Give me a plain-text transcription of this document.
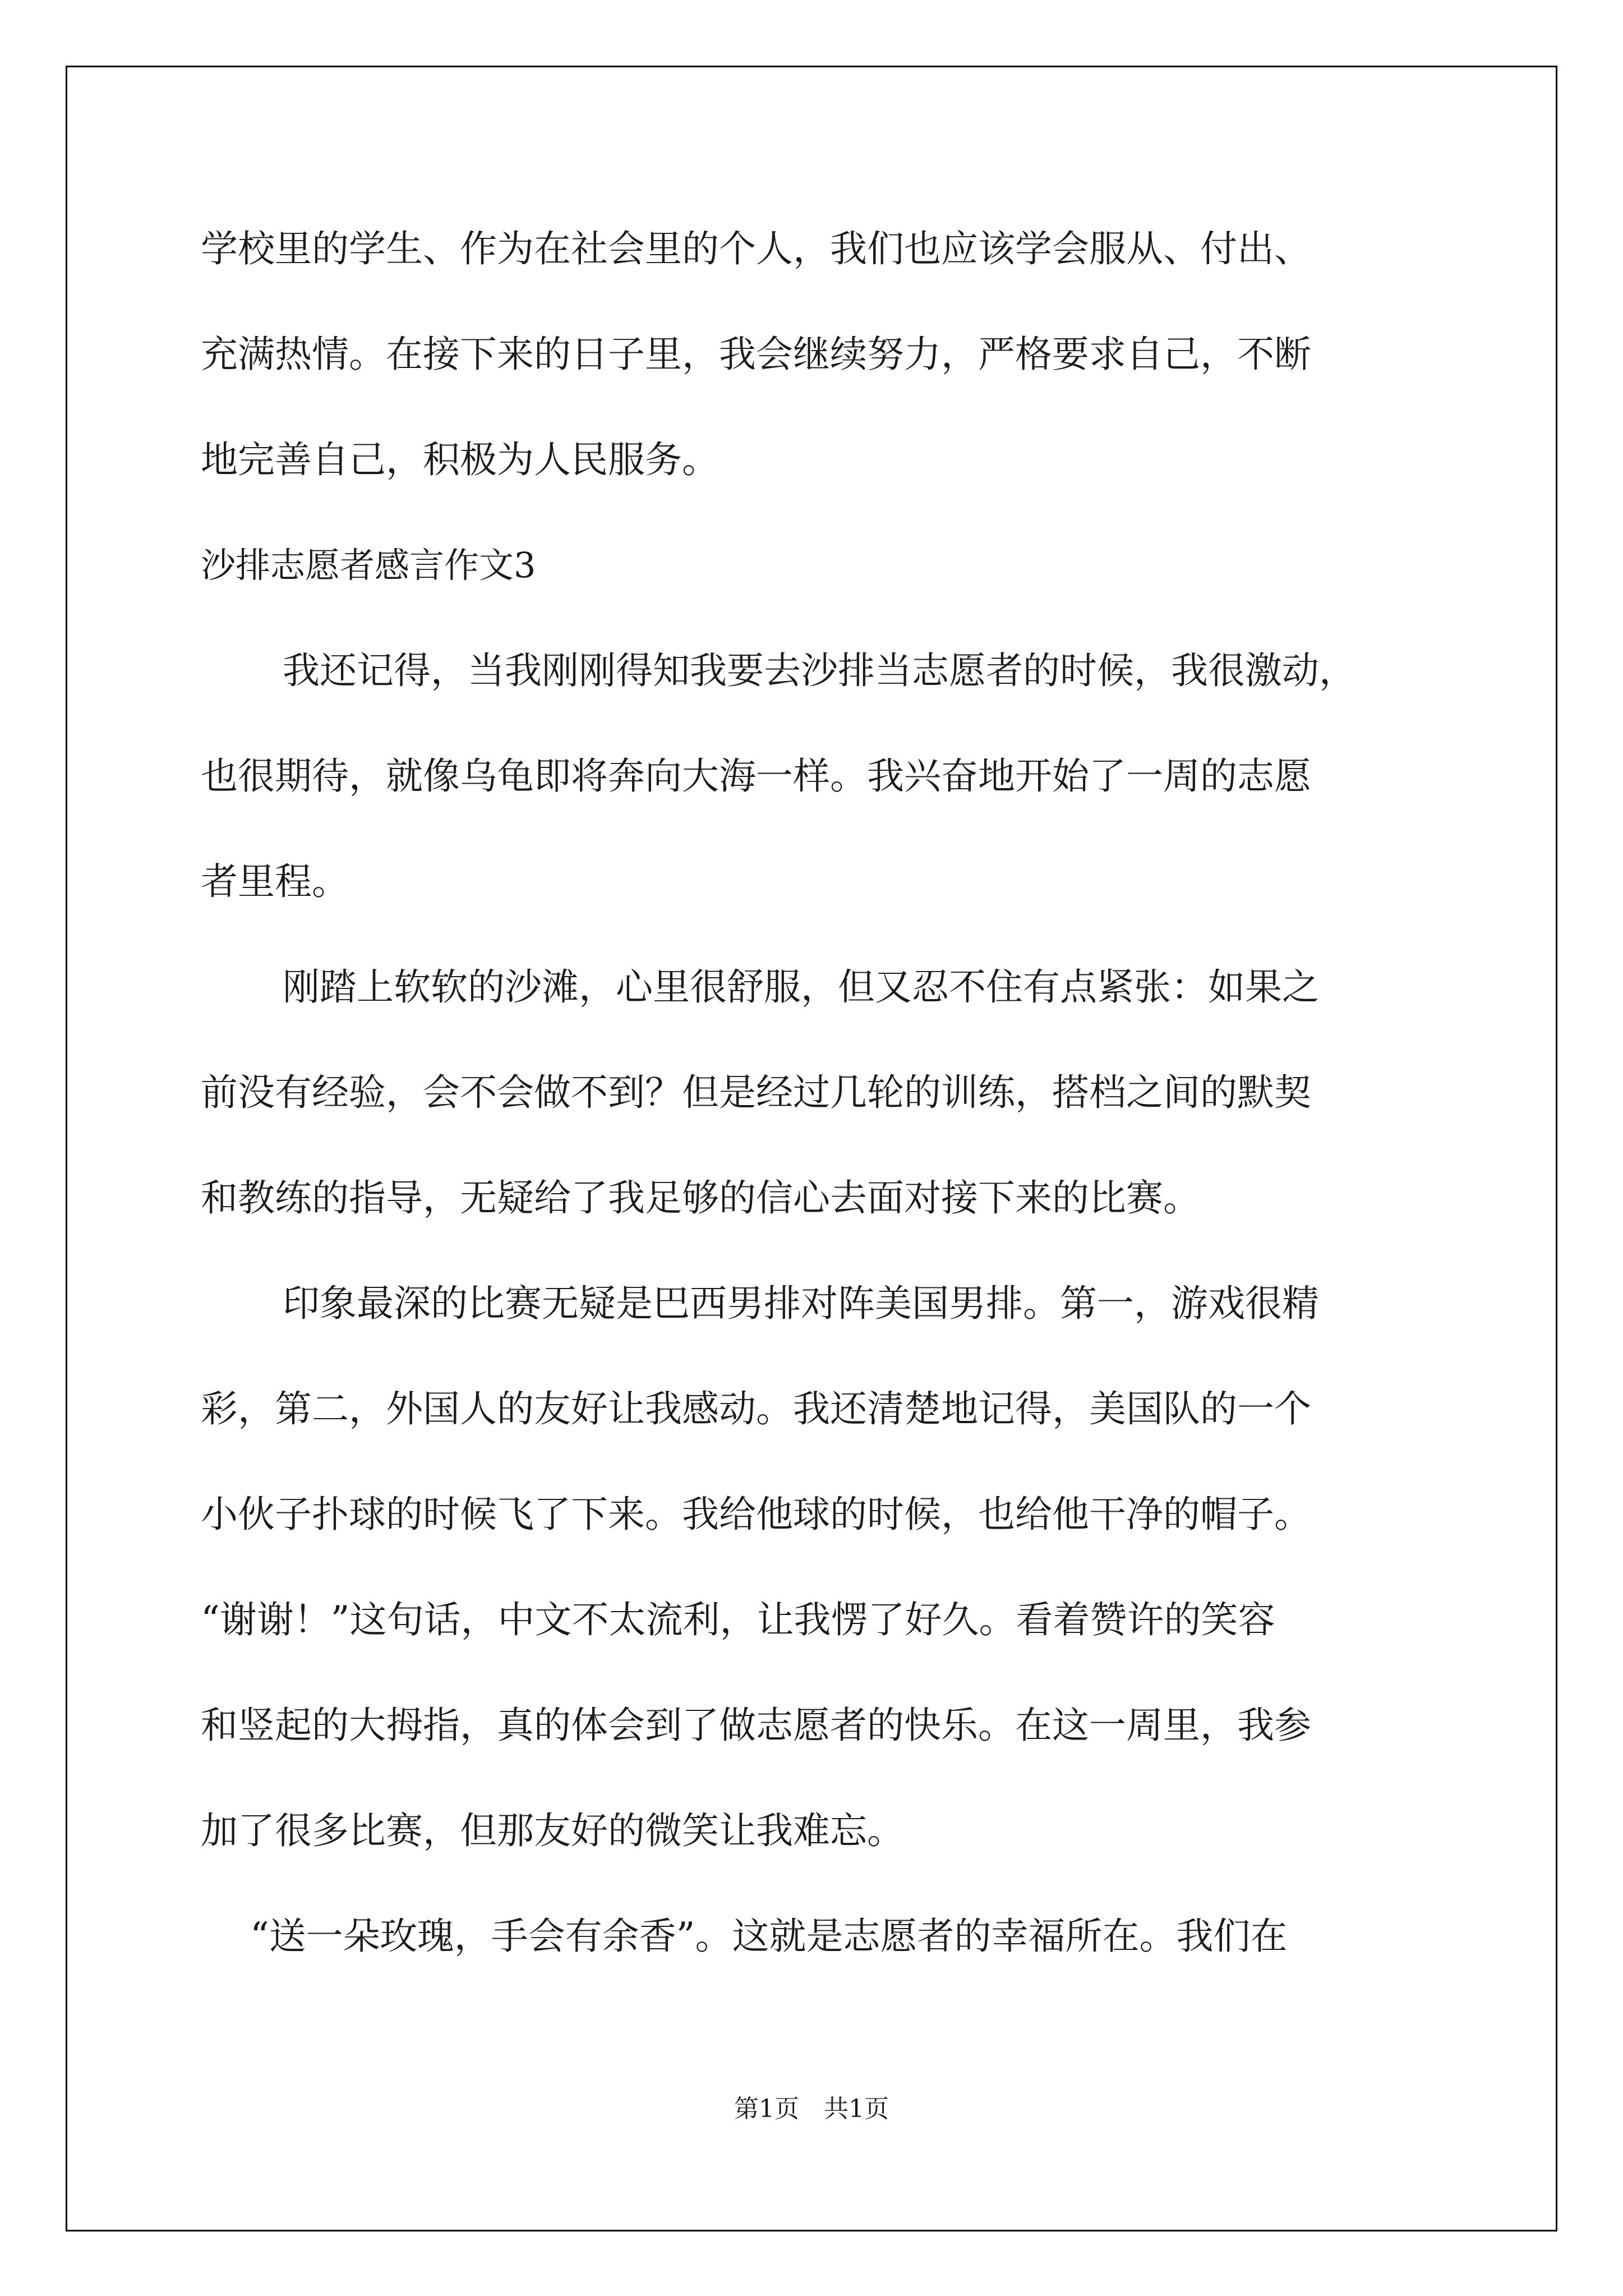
学校里的学生、作为在社会里的个人，我们也应该学会服从、付出、

充满热情。在接下来的日子里，我会继续努力，严格要求自己，不断

地完善自己，积极为人民服务。

沙排志愿者感言作文3

我还记得，当我刚刚得知我要去沙排当志愿者的时候，我很激动，

也很期待，就像乌龟即将奔向大海一样。我兴奋地开始了一周的志愿

者里程。

刚踏上软软的沙滩，心里很舒服，但又忍不住有点紧张：如果之

前没有经验，会不会做不到？但是经过几轮的训练，搭档之间的默契

和教练的指导，无疑给了我足够的信心去面对接下来的比赛。

印象最深的比赛无疑是巴西男排对阵美国男排。第一，游戏很精

彩，第二，外国人的友好让我感动。我还清楚地记得，美国队的一个

小伙子扑球的时候飞了下来。我给他球的时候，也给他干净的帽子。

“谢谢！”这句话，中文不太流利，让我愣了好久。看着赞许的笑容

和竖起的大拇指，真的体会到了做志愿者的快乐。在这一周里，我参

加了很多比赛，但那友好的微笑让我难忘。

“送一朵玫瑰，手会有余香”。这就是志愿者的幸福所在。我们在

第1页　共1页
